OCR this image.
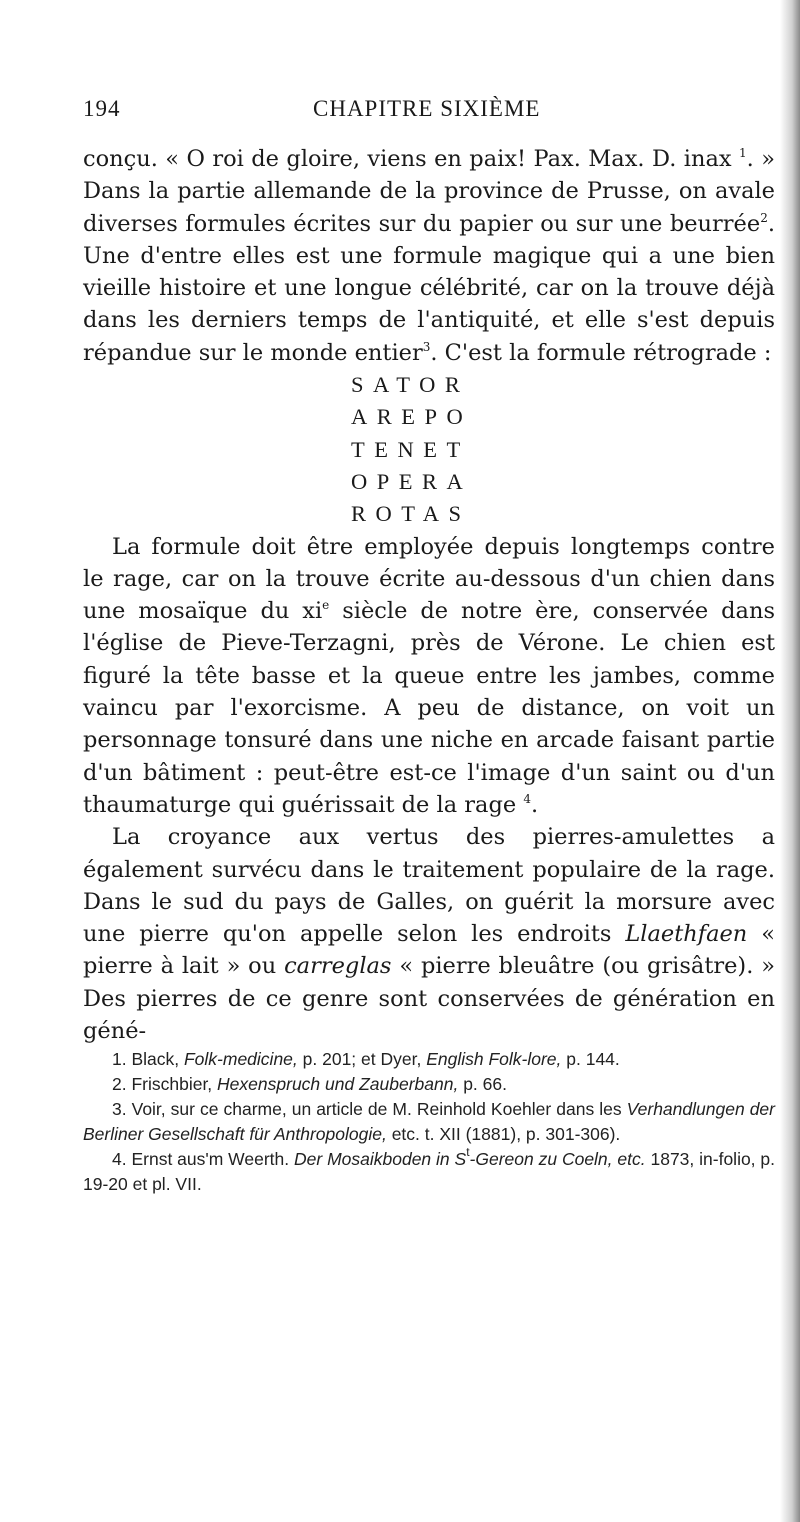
194	CHAPITRE SIXIÈME

conçu. « O roi de gloire, viens en paix! Pax. Max. D. inax $^1$. » Dans la partie allemande de la province de Prusse, on avale diverses formules écrites sur du papier ou sur une beurrée$^2$. Une d'entre elles est une formule magique qui a une bien vieille histoire et une longue célébrité, car on la trouve déjà dans les derniers temps de l'antiquité, et elle s'est depuis répandue sur le monde entier$^3$. C'est la formule rétrograde :

SATOR
AREPO
TENET
OPERA
ROTAS

La formule doit être employée depuis longtemps contre le rage, car on la trouve écrite au-dessous d'un chien dans une mosaïque du $xi^e$ siècle de notre ère, conservée dans l'église de Pieve-Terzagni, près de Vérone. Le chien est figuré la tête basse et la queue entre les jambes, comme vaincu par l'exorcisme. A peu de distance, on voit un personnage tonsuré dans une niche en arcade faisant partie d'un bâtiment : peut-être est-ce l'image d'un saint ou d'un thaumaturge qui guérissait de la rage $^4$.

La croyance aux vertus des pierres-amulettes a également survécu dans le traitement populaire de la rage. Dans le sud du pays de Galles, on guérit la morsure avec une pierre qu'on appelle selon les endroits Llaethfaen « pierre à lait » ou carreglas « pierre bleuâtre (ou grisâtre). » Des pierres de ce genre sont conservées de génération en géné-

1. Black, Folk-medicine, p. 201; et Dyer, English Folk-lore, p. 144.

2. Frischbier, Hexenspruch und Zauberbann, p. 66.

3. Voir, sur ce charme, un article de M. Reinhold Koehler dans les Verhandlungen der Berliner Gesellschaft für Anthropologie, etc. t. XII (1881), p. 301-306).

4. Ernst aus'm Weerth. Der Mosaikboden in $S^t$-Gereon zu Coeln, etc. 1873, in-folio, p. 19-20 et pl. VII.
